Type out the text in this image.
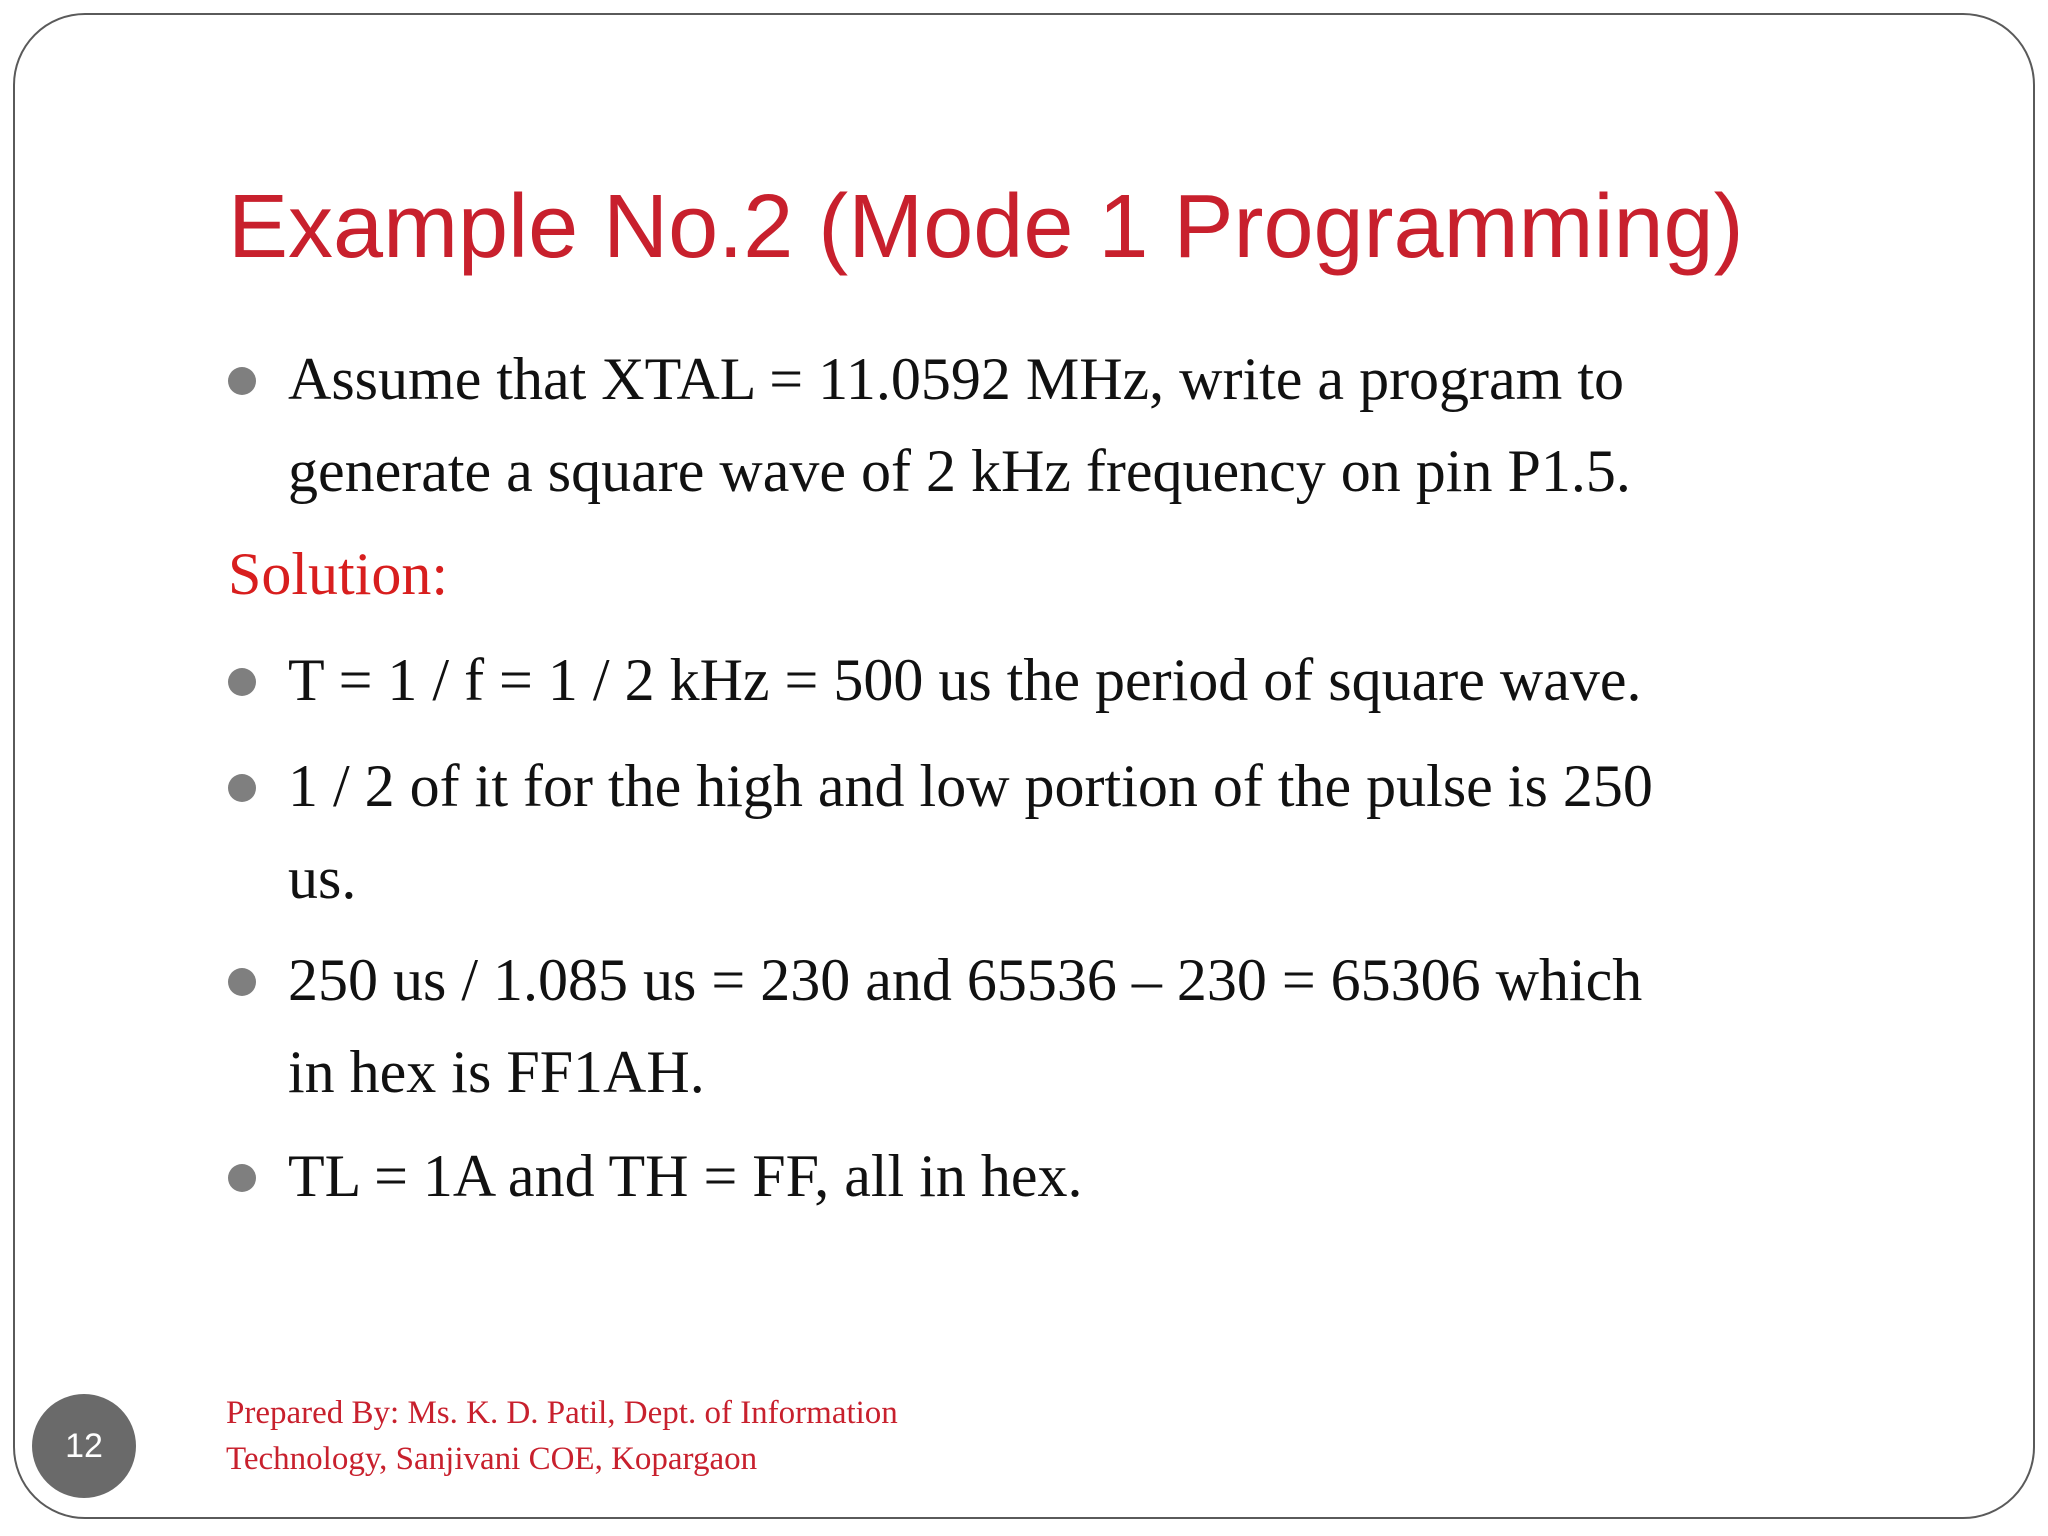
Example No.2 (Mode 1 Programming)
Assume that XTAL = 11.0592 MHz, write a program to
generate a square wave of 2 kHz frequency on pin P1.5.
Solution:
T = 1 / f = 1 / 2 kHz = 500 us the period of square wave.
1 / 2 of it for the high and low portion of the pulse is 250
us.
250 us / 1.085 us = 230 and 65536 – 230 = 65306 which
in hex is FF1AH.
TL = 1A and TH = FF, all in hex.
12
Prepared By: Ms. K. D. Patil, Dept. of Information
Technology, Sanjivani COE, Kopargaon
